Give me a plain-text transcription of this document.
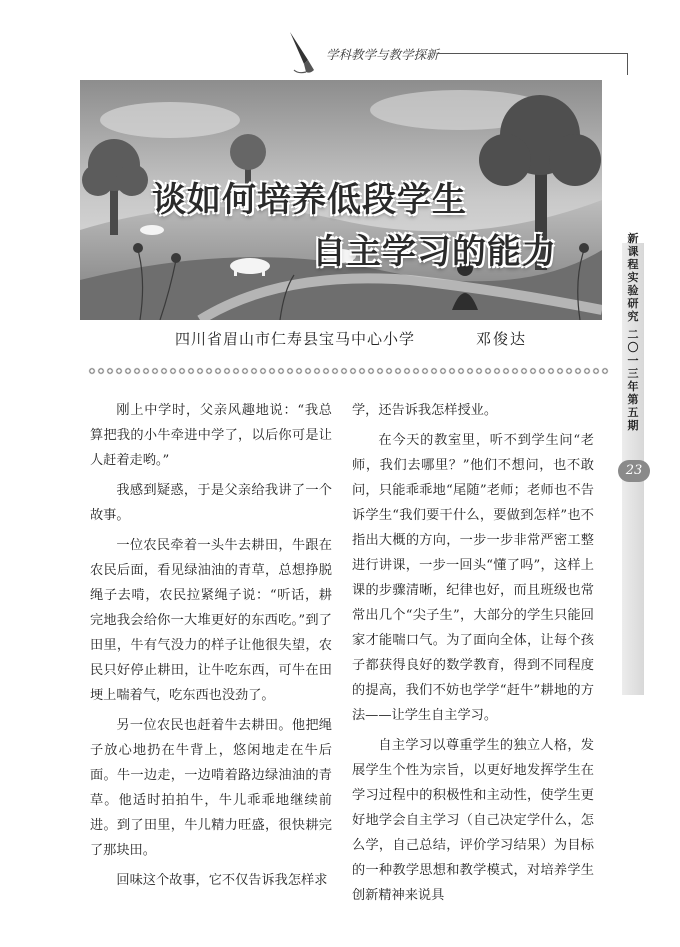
学科教学与教学探新
谈如何培养低段学生
自主学习的能力
四川省眉山市仁寿县宝马中心小学	邓俊达

刚上中学时，父亲风趣地说：“我总算把我的小牛牵进中学了，以后你可是让人赶着走哟。”

我感到疑惑，于是父亲给我讲了一个故事。

一位农民牵着一头牛去耕田，牛跟在农民后面，看见绿油油的青草，总想挣脱绳子去啃，农民拉紧绳子说：“听话，耕完地我会给你一大堆更好的东西吃。”到了田里，牛有气没力的样子让他很失望，农民只好停止耕田，让牛吃东西，可牛在田埂上喘着气，吃东西也没劲了。

另一位农民也赶着牛去耕田。他把绳子放心地扔在牛背上，悠闲地走在牛后面。牛一边走，一边啃着路边绿油油的青草。他适时拍拍牛，牛儿乖乖地继续前进。到了田里，牛儿精力旺盛，很快耕完了那块田。

回味这个故事，它不仅告诉我怎样求

学，还告诉我怎样授业。

在今天的教室里，听不到学生问“老师，我们去哪里？”他们不想问，也不敢问，只能乖乖地“尾随”老师；老师也不告诉学生“我们要干什么，要做到怎样”也不指出大概的方向，一步一步非常严密工整进行讲课，一步一回头“懂了吗”，这样上课的步骤清晰，纪律也好，而且班级也常常出几个“尖子生”，大部分的学生只能回家才能喘口气。为了面向全体，让每个孩子都获得良好的数学教育，得到不同程度的提高，我们不妨也学学“赶牛”耕地的方法——让学生自主学习。

自主学习以尊重学生的独立人格，发展学生个性为宗旨，以更好地发挥学生在学习过程中的积极性和主动性，使学生更好地学会自主学习（自己决定学什么，怎么学，自己总结，评价学习结果）为目标的一种教学思想和教学模式，对培养学生创新精神来说具

新课程实验研究
二〇一三年 第五期
23
